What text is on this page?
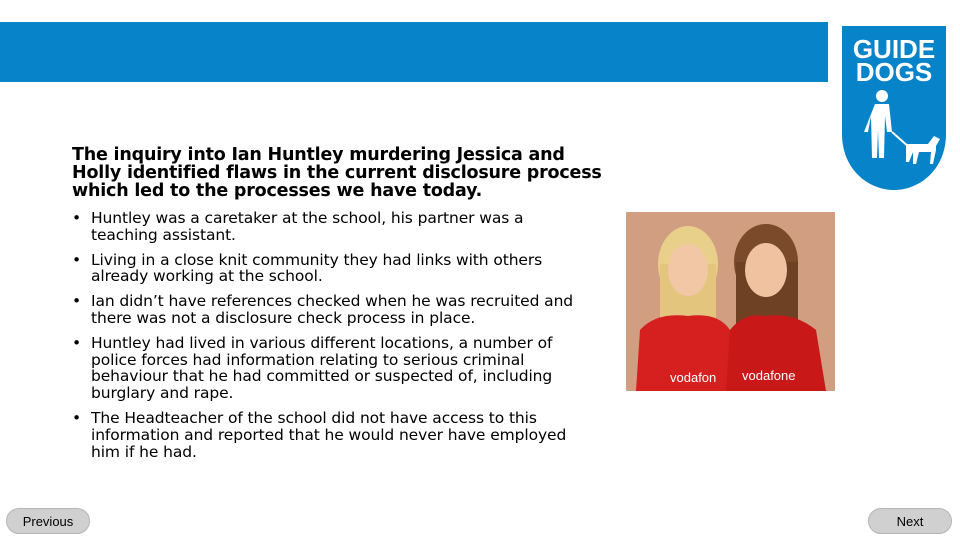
GUIDE
DOGS

The inquiry into Ian Huntley murdering Jessica and Holly identified flaws in the current disclosure process which led to the processes we have today.

• Huntley was a caretaker at the school, his partner was a teaching assistant.
• Living in a close knit community they had links with others already working at the school.
• Ian didn’t have references checked when he was recruited and there was not a disclosure check process in place.
• Huntley had lived in various different locations, a number of police forces had information relating to serious criminal behaviour that he had committed or suspected of, including burglary and rape.
• The Headteacher of the school did not have access to this information and reported that he would never have employed him if he had.
vodafon vodafone
Previous	Next
